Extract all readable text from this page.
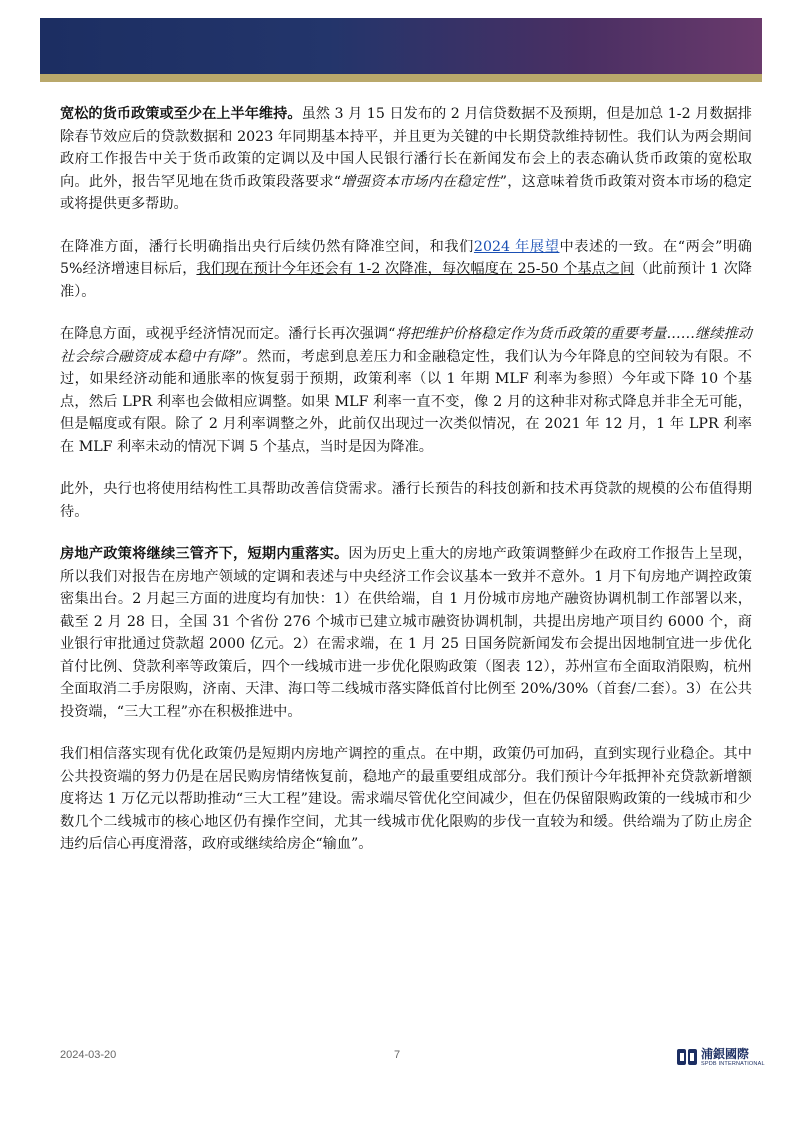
宽松的货币政策或至少在上半年维持。虽然 3 月 15 日发布的 2 月信贷数据不及预期，但是加总 1-2 月数据排除春节效应后的贷款数据和 2023 年同期基本持平，并且更为关键的中长期贷款维持韧性。我们认为两会期间政府工作报告中关于货币政策的定调以及中国人民银行潘行长在新闻发布会上的表态确认货币政策的宽松取向。此外，报告罕见地在货币政策段落要求“增强资本市场内在稳定性”，这意味着货币政策对资本市场的稳定或将提供更多帮助。

在降准方面，潘行长明确指出央行后续仍然有降准空间，和我们2024 年展望中表述的一致。在“两会”明确 5%经济增速目标后，我们现在预计今年还会有 1-2 次降准，每次幅度在 25-50 个基点之间（此前预计 1 次降准）。

在降息方面，或视乎经济情况而定。潘行长再次强调“将把维护价格稳定作为货币政策的重要考量……继续推动社会综合融资成本稳中有降”。然而，考虑到息差压力和金融稳定性，我们认为今年降息的空间较为有限。不过，如果经济动能和通胀率的恢复弱于预期，政策利率（以 1 年期 MLF 利率为参照）今年或下降 10 个基点，然后 LPR 利率也会做相应调整。如果 MLF 利率一直不变，像 2 月的这种非对称式降息并非全无可能，但是幅度或有限。除了 2 月利率调整之外，此前仅出现过一次类似情况，在 2021 年 12 月，1 年 LPR 利率在 MLF 利率未动的情况下调 5 个基点，当时是因为降准。

此外，央行也将使用结构性工具帮助改善信贷需求。潘行长预告的科技创新和技术再贷款的规模的公布值得期待。

房地产政策将继续三管齐下，短期内重落实。因为历史上重大的房地产政策调整鲜少在政府工作报告上呈现，所以我们对报告在房地产领域的定调和表述与中央经济工作会议基本一致并不意外。1 月下旬房地产调控政策密集出台。2 月起三方面的进度均有加快：1）在供给端，自 1 月份城市房地产融资协调机制工作部署以来，截至 2 月 28 日，全国 31 个省份 276 个城市已建立城市融资协调机制，共提出房地产项目约 6000 个，商业银行审批通过贷款超 2000 亿元。2）在需求端，在 1 月 25 日国务院新闻发布会提出因地制宜进一步优化首付比例、贷款利率等政策后，四个一线城市进一步优化限购政策（图表 12），苏州宣布全面取消限购，杭州全面取消二手房限购，济南、天津、海口等二线城市落实降低首付比例至 20%/30%（首套/二套）。3）在公共投资端，“三大工程”亦在积极推进中。

我们相信落实现有优化政策仍是短期内房地产调控的重点。在中期，政策仍可加码，直到实现行业稳企。其中公共投资端的努力仍是在居民购房情绪恢复前，稳地产的最重要组成部分。我们预计今年抵押补充贷款新增额度将达 1 万亿元以帮助推动“三大工程”建设。需求端尽管优化空间减少，但在仍保留限购政策的一线城市和少数几个二线城市的核心地区仍有操作空间，尤其一线城市优化限购的步伐一直较为和缓。供给端为了防止房企违约后信心再度滑落，政府或继续给房企“输血”。

2024-03-20	7	浦銀國際
SPDB INTERNATIONAL
